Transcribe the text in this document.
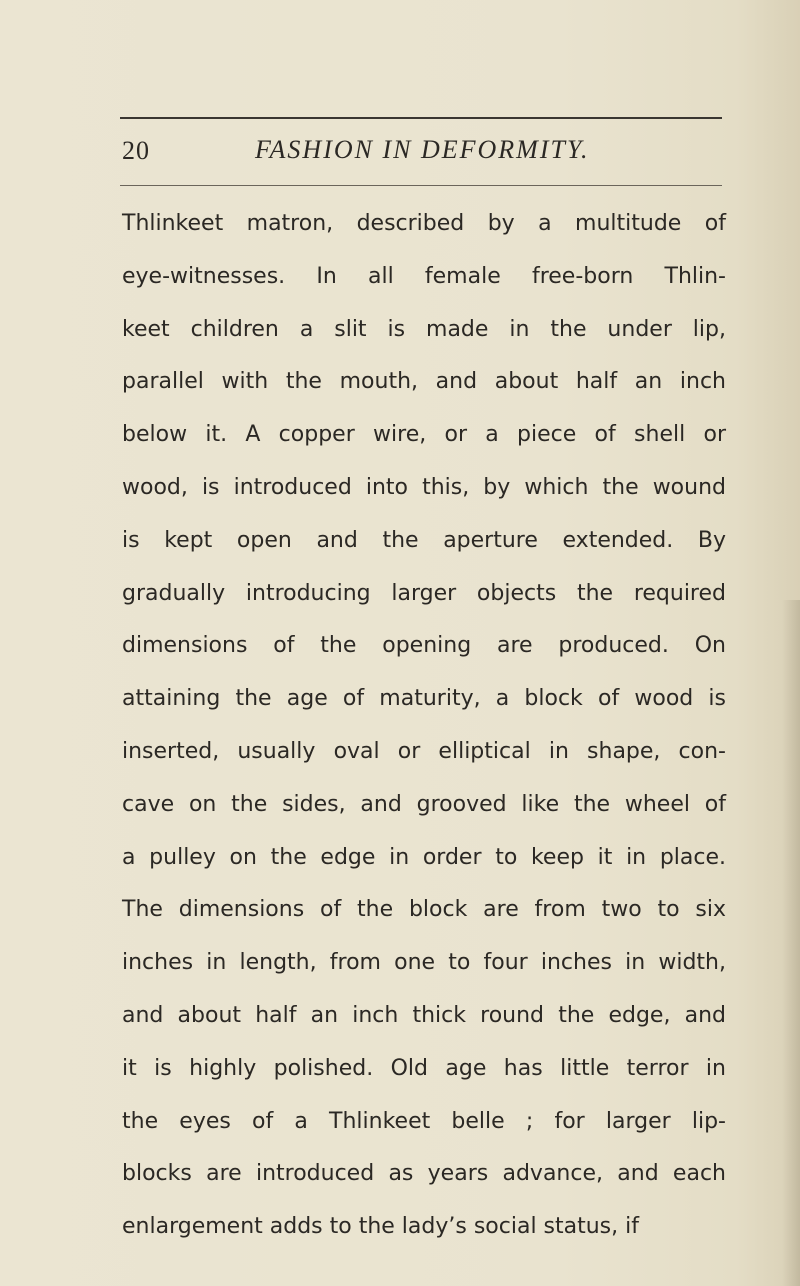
20	FASHION IN DEFORMITY.
Thlinkeet matron, described by a multitude of
eye-witnesses. In all female free-born Thlin-
keet children a slit is made in the under lip,
parallel with the mouth, and about half an inch
below it. A copper wire, or a piece of shell or
wood, is introduced into this, by which the wound
is kept open and the aperture extended. By
gradually introducing larger objects the required
dimensions of the opening are produced. On
attaining the age of maturity, a block of wood is
inserted, usually oval or elliptical in shape, con-
cave on the sides, and grooved like the wheel of
a pulley on the edge in order to keep it in place.
The dimensions of the block are from two to six
inches in length, from one to four inches in width,
and about half an inch thick round the edge, and
it is highly polished. Old age has little terror in
the eyes of a Thlinkeet belle ; for larger lip-
blocks are introduced as years advance, and each
enlargement adds to the lady’s social status, if
